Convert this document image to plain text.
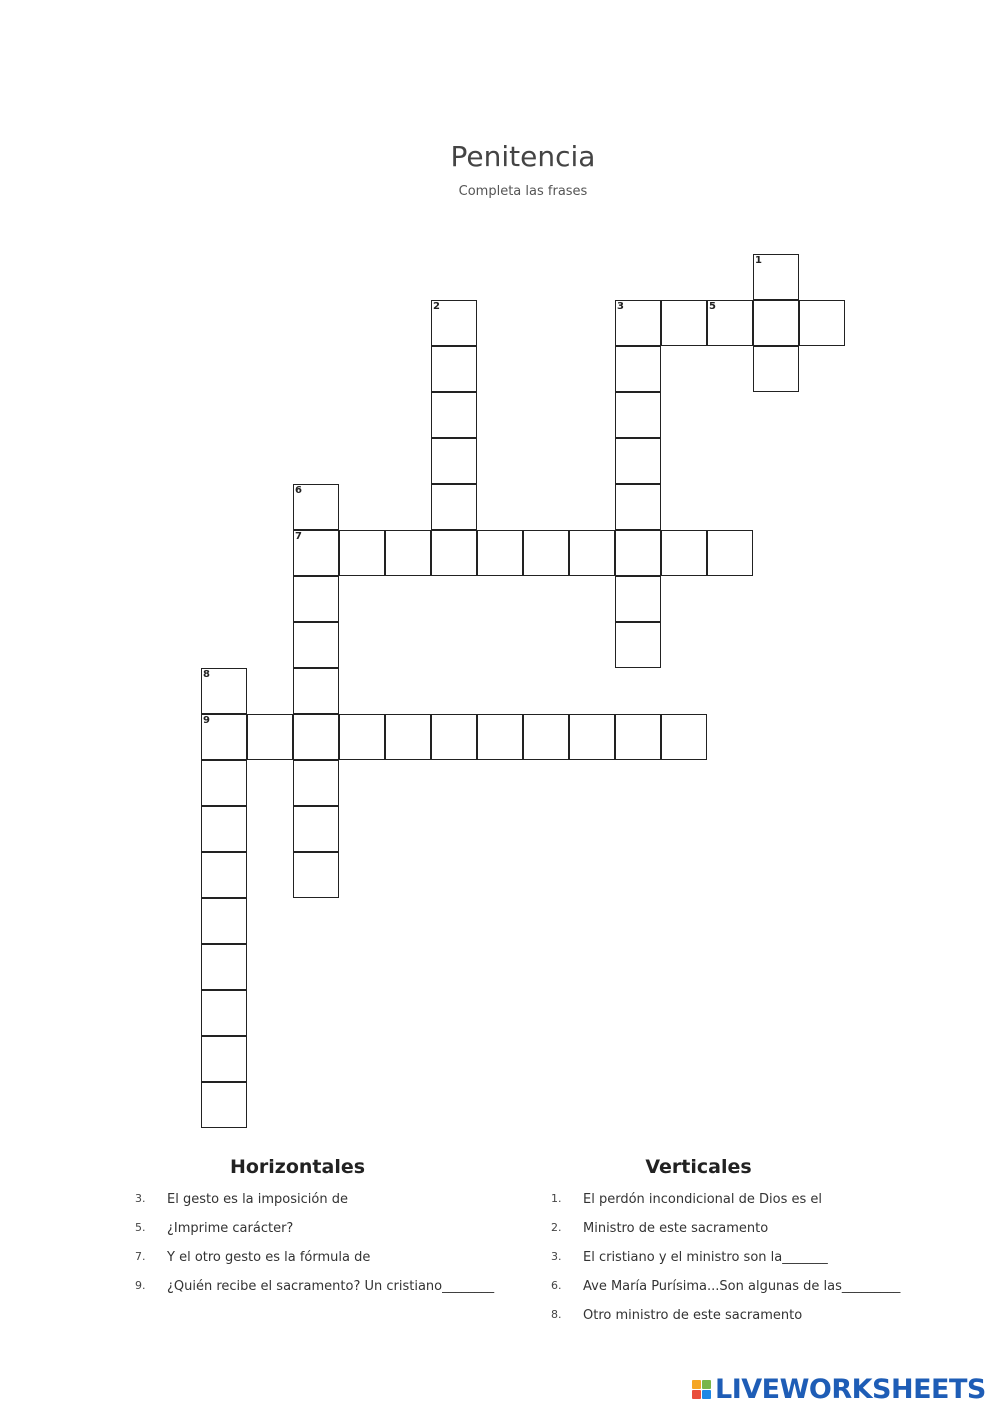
Penitencia
Completa las frases
1
2	3	5
6
7
8
9
Horizontales
3. El gesto es la imposición de
5. ¿Imprime carácter?
7. Y el otro gesto es la fórmula de
9. ¿Quién recibe el sacramento? Un cristiano________
Verticales
1. El perdón incondicional de Dios es el
2. Ministro de este sacramento
3. El cristiano y el ministro son la_______
6. Ave María Purísima...Son algunas de las_________
8. Otro ministro de este sacramento
LIVEWORKSHEETS
